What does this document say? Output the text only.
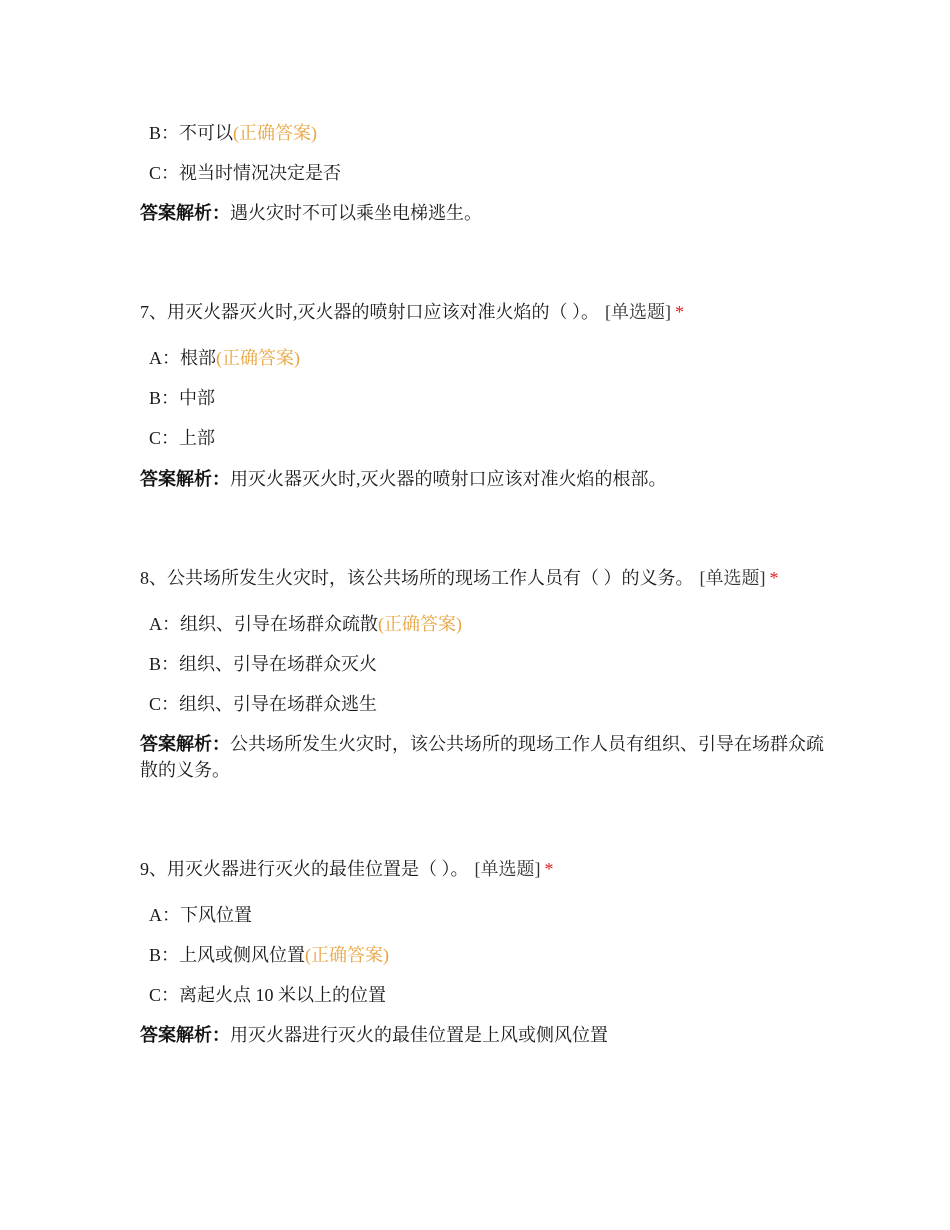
B：不可以(正确答案)
C：视当时情况决定是否
答案解析：遇火灾时不可以乘坐电梯逃生。
7、用灭火器灭火时,灭火器的喷射口应该对准火焰的（ ）。 [单选题] *
A：根部(正确答案)
B：中部
C：上部
答案解析：用灭火器灭火时,灭火器的喷射口应该对准火焰的根部。
8、公共场所发生火灾时，该公共场所的现场工作人员有（ ）的义务。 [单选题] *
A：组织、引导在场群众疏散(正确答案)
B：组织、引导在场群众灭火
C：组织、引导在场群众逃生
答案解析：公共场所发生火灾时，该公共场所的现场工作人员有组织、引导在场群众疏散的义务。
9、用灭火器进行灭火的最佳位置是（ ）。 [单选题] *
A：下风位置
B：上风或侧风位置(正确答案)
C：离起火点 10 米以上的位置
答案解析：用灭火器进行灭火的最佳位置是上风或侧风位置
